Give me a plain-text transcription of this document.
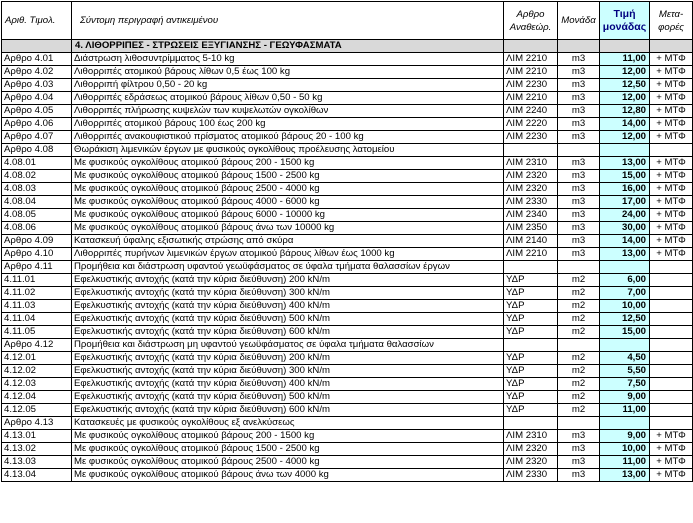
Αριθ. Τιμολ.	Σύντομη περιγραφή αντικειμένου	Αρθρο Αναθεώρ.	Μονάδα	Τιμή μονάδας	Μετα-φορές
	4. ΛΙΘΟΡΡΙΠΕΣ - ΣΤΡΩΣΕΙΣ ΕΞΥΓΙΑΝΣΗΣ - ΓΕΩΥΦΑΣΜΑΤΑ				
Αρθρο 4.01	Διάστρωση λιθοσυντρίμματος 5-10 kg	ΛΙΜ 2210	m3	11,00	+ ΜΤΦ
Αρθρο 4.02	Λιθορριπές ατομικού βάρους λίθων 0,5 έως 100 kg	ΛΙΜ 2210	m3	12,00	+ ΜΤΦ
Αρθρο 4.03	Λιθορριπή φίλτρου 0,50 - 20 kg	ΛΙΜ 2230	m3	12,50	+ ΜΤΦ
Αρθρο 4.04	Λιθορριπές εδράσεως ατομικού βάρους λίθων 0,50 - 50 kg	ΛΙΜ 2210	m3	12,00	+ ΜΤΦ
Αρθρο 4.05	Λιθορριπές πλήρωσης κυψελών των κυψελωτών ογκολίθων	ΛΙΜ 2240	m3	12,80	+ ΜΤΦ
Αρθρο 4.06	Λιθορριπές ατομικού βάρους 100 έως 200 kg	ΛΙΜ 2220	m3	14,00	+ ΜΤΦ
Αρθρο 4.07	Λιθορριπές ανακουφιστικού πρίσματος ατομικού βάρους 20 - 100 kg	ΛΙΜ 2230	m3	12,00	+ ΜΤΦ
Αρθρο 4.08	Θωράκιση λιμενικών έργων με φυσικούς ογκολίθους προέλευσης λατομείου				
4.08.01	Με φυσικούς ογκολίθους ατομικού βάρους 200 - 1500 kg	ΛΙΜ 2310	m3	13,00	+ ΜΤΦ
4.08.02	Με φυσικούς ογκολίθους ατομικού βάρους 1500 - 2500 kg	ΛΙΜ 2320	m3	15,00	+ ΜΤΦ
4.08.03	Με φυσικούς ογκολίθους ατομικού βάρους 2500 - 4000 kg	ΛΙΜ 2320	m3	16,00	+ ΜΤΦ
4.08.04	Με φυσικούς ογκολίθους ατομικού βάρους 4000 - 6000 kg	ΛΙΜ 2330	m3	17,00	+ ΜΤΦ
4.08.05	Με φυσικούς ογκολίθους ατομικού βάρους 6000 - 10000 kg	ΛΙΜ 2340	m3	24,00	+ ΜΤΦ
4.08.06	Με φυσικούς ογκολίθους ατομικού βάρους άνω των 10000 kg	ΛΙΜ 2350	m3	30,00	+ ΜΤΦ
Αρθρο 4.09	Κατασκευή ύφαλης εξισωτικής στρώσης από σκύρα	ΛΙΜ 2140	m3	14,00	+ ΜΤΦ
Αρθρο 4.10	Λιθορριπές πυρήνων λιμενικών έργων ατομικού βάρους λίθων έως 1000 kg	ΛΙΜ 2210	m3	13,00	+ ΜΤΦ
Αρθρο 4.11	Προμήθεια και διάστρωση υφαντού γεωϋφάσματος σε ύφαλα τμήματα θαλασσίων έργων				
4.11.01	Εφελκυστικής αντοχής (κατά την κύρια διεύθυνση) 200 kN/m	ΥΔΡ	m2	6,00	
4.11.02	Εφελκυστικής αντοχής (κατά την κύρια διεύθυνση) 300 kN/m	ΥΔΡ	m2	7,00	
4.11.03	Εφελκυστικής αντοχής (κατά την κύρια διεύθυνση) 400 kN/m	ΥΔΡ	m2	10,00	
4.11.04	Εφελκυστικής αντοχής (κατά την κύρια διεύθυνση) 500 kN/m	ΥΔΡ	m2	12,50	
4.11.05	Εφελκυστικής αντοχής (κατά την κύρια διεύθυνση) 600 kN/m	ΥΔΡ	m2	15,00	
Αρθρο 4.12	Προμήθεια και διάστρωση μη υφαντού γεωϋφάσματος σε ύφαλα τμήματα θαλασσίων				
4.12.01	Εφελκυστικής αντοχής (κατά την κύρια διεύθυνση) 200 kN/m	ΥΔΡ	m2	4,50	
4.12.02	Εφελκυστικής αντοχής (κατά την κύρια διεύθυνση) 300 kN/m	ΥΔΡ	m2	5,50	
4.12.03	Εφελκυστικής αντοχής (κατά την κύρια διεύθυνση) 400 kN/m	ΥΔΡ	m2	7,50	
4.12.04	Εφελκυστικής αντοχής (κατά την κύρια διεύθυνση) 500 kN/m	ΥΔΡ	m2	9,00	
4.12.05	Εφελκυστικής αντοχής (κατά την κύρια διεύθυνση) 600 kN/m	ΥΔΡ	m2	11,00	
Αρθρο 4.13	Κατασκευές με φυσικούς ογκολίθους εξ ανελκύσεως				
4.13.01	Με φυσικούς ογκολίθους ατομικού βάρους 200 - 1500 kg	ΛΙΜ 2310	m3	9,00	+ ΜΤΦ
4.13.02	Με φυσικούς ογκολίθους ατομικού βάρους 1500 - 2500 kg	ΛΙΜ 2320	m3	10,00	+ ΜΤΦ
4.13.03	Με φυσικούς ογκολίθους ατομικού βάρους 2500 - 4000 kg	ΛΙΜ 2320	m3	11,00	+ ΜΤΦ
4.13.04	Με φυσικούς ογκολίθους ατομικού βάρους άνω των 4000 kg	ΛΙΜ 2330	m3	13,00	+ ΜΤΦ
